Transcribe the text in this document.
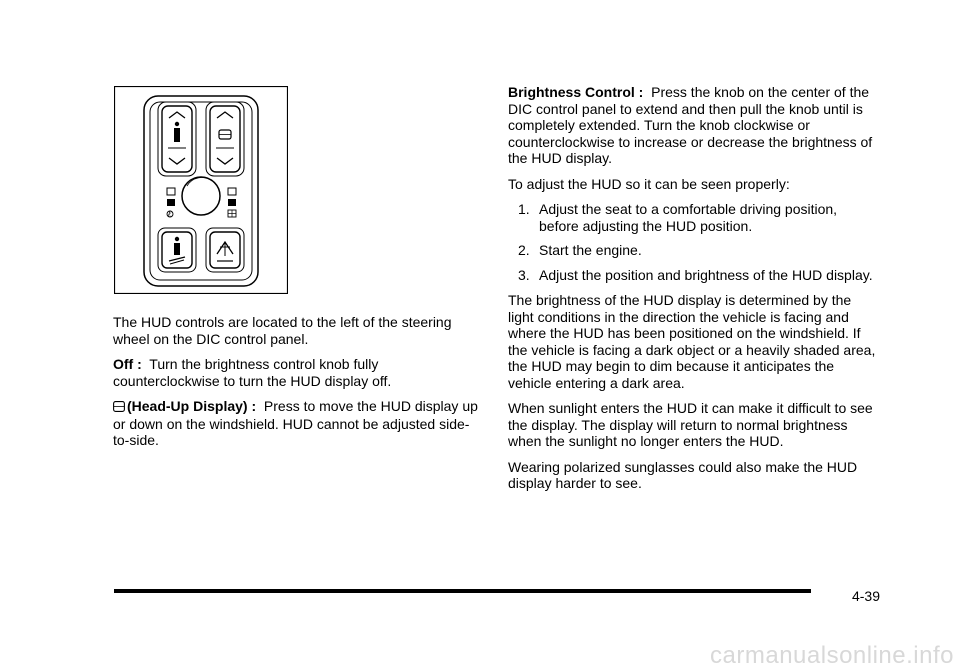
ℓ

The HUD controls are located to the left of the steering wheel on the DIC control panel.

Off : Turn the brightness control knob fully counterclockwise to turn the HUD display off.

(Head-Up Display) : Press to move the HUD display up or down on the windshield. HUD cannot be adjusted side-to-side.

Brightness Control : Press the knob on the center of the DIC control panel to extend and then pull the knob until is completely extended. Turn the knob clockwise or counterclockwise to increase or decrease the brightness of the HUD display.

To adjust the HUD so it can be seen properly:

1. Adjust the seat to a comfortable driving position, before adjusting the HUD position.
2. Start the engine.
3. Adjust the position and brightness of the HUD display.

The brightness of the HUD display is determined by the light conditions in the direction the vehicle is facing and where the HUD has been positioned on the windshield. If the vehicle is facing a dark object or a heavily shaded area, the HUD may begin to dim because it anticipates the vehicle entering a dark area.

When sunlight enters the HUD it can make it difficult to see the display. The display will return to normal brightness when the sunlight no longer enters the HUD.

Wearing polarized sunglasses could also make the HUD display harder to see.

4-39
carmanualsonline.info
